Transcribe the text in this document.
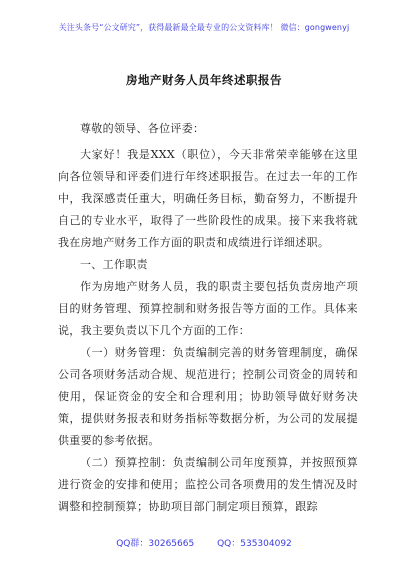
关注头条号“公文研究”，获得最新最全最专业的公文资料库！ 微信：gongwenyj
房地产财务人员年终述职报告

尊敬的领导、各位评委：

大家好！我是XXX（职位），今天非常荣幸能够在这里向各位领导和评委们进行年终述职报告。在过去一年的工作中，我深感责任重大，明确任务目标，勤奋努力，不断提升自己的专业水平，取得了一些阶段性的成果。接下来我将就我在房地产财务工作方面的职责和成绩进行详细述职。

一、工作职责

作为房地产财务人员，我的职责主要包括负责房地产项目的财务管理、预算控制和财务报告等方面的工作。具体来说，我主要负责以下几个方面的工作：

（一）财务管理：负责编制完善的财务管理制度，确保公司各项财务活动合规、规范进行；控制公司资金的周转和使用，保证资金的安全和合理利用；协助领导做好财务决策，提供财务报表和财务指标等数据分析，为公司的发展提供重要的参考依据。

（二）预算控制：负责编制公司年度预算，并按照预算进行资金的安排和使用；监控公司各项费用的发生情况及时调整和控制预算；协助项目部门制定项目预算，跟踪

QQ群：30265665	QQ：535304092
